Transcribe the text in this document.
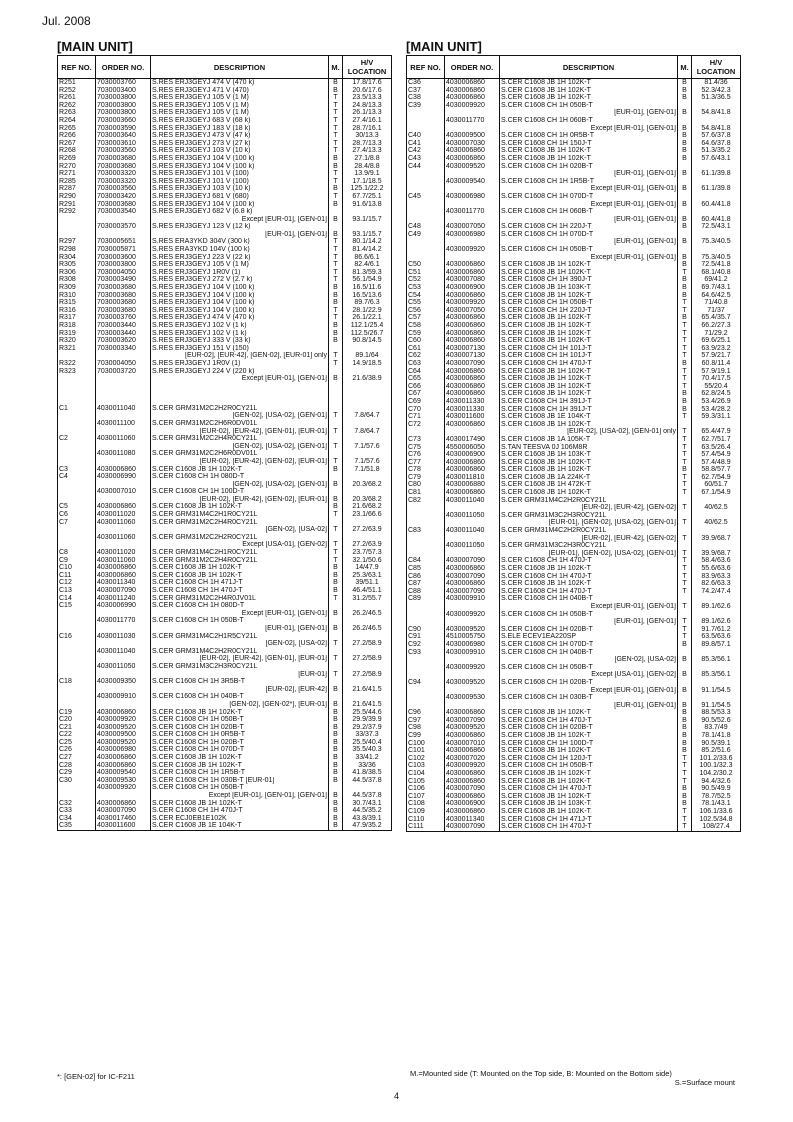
Jul. 2008
[MAIN UNIT]
REF NO.	ORDER NO.	DESCRIPTION	M.	H/V LOCATION
R251	7030003760	S.RES ERJ3GEYJ 474 V (470 k)	B	17.8/17.6
R252	7030003400	S.RES ERJ3GEYJ 471 V (470)	B	20.6/17.6
R261	7030003800	S.RES ERJ3GEYJ 105 V (1 M)	T	23.5/13.3
R262	7030003800	S.RES ERJ3GEYJ 105 V (1 M)	T	24.8/13.3
R263	7030003800	S.RES ERJ3GEYJ 105 V (1 M)	T	26.1/13.3
R264	7030003660	S.RES ERJ3GEYJ 683 V (68 k)	T	27.4/16.1
R265	7030003590	S.RES ERJ3GEYJ 183 V (18 k)	T	28.7/16.1
R266	7030003640	S.RES ERJ3GEYJ 473 V (47 k)	T	30/13.3
R267	7030003610	S.RES ERJ3GEYJ 273 V (27 k)	T	28.7/13.3
R268	7030003560	S.RES ERJ3GEYJ 103 V (10 k)	T	27.4/13.3
R269	7030003680	S.RES ERJ3GEYJ 104 V (100 k)	B	27.1/8.8
R270	7030003680	S.RES ERJ3GEYJ 104 V (100 k)	B	28.4/8.8
R271	7030003320	S.RES ERJ3GEYJ 101 V (100)	T	13.9/9.1
R285	7030003320	S.RES ERJ3GEYJ 101 V (100)	T	17.1/18.5
R287	7030003560	S.RES ERJ3GEYJ 103 V (10 k)	B	125.1/22.2
R290	7030003420	S.RES ERJ3GEYJ 681 V (680)	T	67.7/25.1
R291	7030003680	S.RES ERJ3GEYJ 104 V (100 k)	B	91.6/13.8
R292	7030003540	S.RES ERJ3GEYJ 682 V (6.8 k)		
		Except [EUR-01], [GEN-01]	B	93.1/15.7
	7030003570	S.RES ERJ3GEYJ 123 V (12 k)		
		[EUR-01], [GEN-01]	B	93.1/15.7
R297	7030005651	S.RES ERA3YKD 304V (300 k)	T	80.1/14.2
R298	7030005871	S.RES ERA3YKD 104V (100 k)	T	81.4/14.2
R304	7030003600	S.RES ERJ3GEYJ 223 V (22 k)	T	86.6/6.1
R305	7030003800	S.RES ERJ3GEYJ 105 V (1 M)	T	82.4/6.1
R306	7030004050	S.RES ERJ3GEYJ 1R0V (1)	T	81.3/59.3
R308	7030003490	S.RES ERJ3GEYJ 272 V (2.7 k)	T	56.1/54.9
R309	7030003680	S.RES ERJ3GEYJ 104 V (100 k)	B	16.5/11.6
R310	7030003680	S.RES ERJ3GEYJ 104 V (100 k)	B	16.5/13.6
R315	7030003680	S.RES ERJ3GEYJ 104 V (100 k)	B	89.7/6.3
R316	7030003680	S.RES ERJ3GEYJ 104 V (100 k)	T	28.1/22.9
R317	7030003760	S.RES ERJ3GEYJ 474 V (470 k)	T	26.1/22.1
R318	7030003440	S.RES ERJ3GEYJ 102 V (1 k)	B	112.1/25.4
R319	7030003440	S.RES ERJ3GEYJ 102 V (1 k)	B	112.5/26.7
R320	7030003620	S.RES ERJ3GEYJ 333 V (33 k)	B	90.8/14.5
R321	7030003340	S.RES ERJ3GEYJ 151 V (150)		
		[EUR-02], [EUR-42], [GEN-02], [EUR-01] only	T	89.1/64
R322	7030004050	S.RES ERJ3GEYJ 1R0V (1)	T	14.9/18.5
R323	7030003720	S.RES ERJ3GEYJ 224 V (220 k)		
		Except [EUR-01], [GEN-01]	B	21.6/38.9

C1	4030011040	S.CER GRM31M2C2H2R0CY21L		
		[GEN-02], [USA-02], [GEN-01]	T	7.8/64.7
	4030011100	S.CER GRM31M2C2H6R0DV01L		
		[EUR-02], [EUR-42], [GEN-01], [EUR-01]	T	7.8/64.7
C2	4030011060	S.CER GRM31M2C2H4R0CY21L		
		[GEN-02], [USA-02], [GEN-01]	T	7.1/57.6
	4030011080	S.CER GRM31M2C2H6R0DV01L		
		[EUR-02], [EUR-42], [GEN-02], [EUR-01]	T	7.1/57.6
C3	4030006860	S.CER C1608 JB 1H 102K-T	B	7.1/51.8
C4	4030006990	S.CER C1608 CH 1H 080D-T		
		[GEN-02], [USA-02], [GEN-01]	B	20.3/68.2
	4030007010	S.CER C1608 CH 1H 100D-T		
		[EUR-02], [EUR-42], [GEN-02], [EUR-01]	B	20.3/68.2
C5	4030006860	S.CER C1608 JB 1H 102K-T	B	21.6/68.2
C6	4030011020	S.CER GRM31M4C2H1R0CY21L	T	23.1/66.6
C7	4030011060	S.CER GRM31M2C2H4R0CY21L		
		[GEN-02], [USA-02]	T	27.2/63.9
	4030011060	S.CER GRM31M2C2H2R0CY21L		
		Except [USA-01], [GEN-02]	T	27.2/63.9
C8	4030011020	S.CER GRM31M4C2H1R0CY21L	T	23.7/57.3
C9	4030011060	S.CER GRM31M2C2H4R0CY21L	T	32.1/50.6
C10	4030006860	S.CER C1608 JB 1H 102K-T	B	14/47.9
C11	4030006860	S.CER C1608 JB 1H 102K-T	B	25.3/63.1
C12	4030011340	S.CER C1608 CH 1H 471J-T	B	39/51.1
C13	4030007090	S.CER C1608 CH 1H 470J-T	B	46.4/51.1
C14	4030011240	S.CER GRM31M2C2H4R0JV01L	T	31.2/55.7
C15	4030006990	S.CER C1608 CH 1H 080D-T		
		Except [EUR-01], [GEN-01]	B	26.2/46.5
	4030011770	S.CER C1608 CH 1H 050B-T		
		[EUR-01], [GEN-01]	B	26.2/46.5
C16	4030011030	S.CER GRM31M4C2H1R5CY21L		
		[GEN-02], [USA-02]	T	27.2/58.9
	4030011040	S.CER GRM31M4C2H2R0CY21L		
		[EUR-02], [EUR-42], [GEN-01], [EUR-01]	T	27.2/58.9
	4030011050	S.CER GRM31M3C2H3R0CY21L		
		[EUR-01]	T	27.2/58.9
C18	4030009350	S.CER C1608 CH 1H 3R5B-T		
		[EUR-02], [EUR-42]	B	21.6/41.5
	4030009910	S.CER C1608 CH 1H 040B-T		
		[GEN-02], [GEN-02*], [EUR-01]	B	21.6/41.5
C19	4030006860	S.CER C1608 JB 1H 102K-T	B	25.5/44.6
C20	4030009920	S.CER C1608 CH 1H 050B-T	B	29.9/39.9
C21	4030009520	S.CER C1608 CH 1H 020B-T	B	29.2/37.9
C22	4030009500	S.CER C1608 CH 1H 0R5B-T	B	33/37.3
C25	4030009520	S.CER C1608 CH 1H 020B-T	B	25.5/40.4
C26	4030006980	S.CER C1608 CH 1H 070D-T	B	35.5/40.3
C27	4030006860	S.CER C1608 JB 1H 102K-T	B	33/41.2
C28	4030006860	S.CER C1608 JB 1H 102K-T	B	33/36
C29	4030009540	S.CER C1608 CH 1H 1R5B-T	B	41.8/38.5
C30	4030009530	S.CER C1608 CH 1H 030B-T [EUR-01]	B	44.5/37.8
	4030009920	S.CER C1608 CH 1H 050B-T		
		Except [EUR-01], [GEN-01], [GEN-01]	B	44.5/37.8
C32	4030006860	S.CER C1608 JB 1H 102K-T	B	30.7/43.1
C33	4030007090	S.CER C1608 CH 1H 470J-T	B	44.5/35.2
C34	4030017460	S.CER ECJ0EB1E102K	B	43.8/39.1
C35	4030011600	S.CER C1608 JB 1E 104K-T	B	47.9/35.2
[MAIN UNIT]
REF NO.	ORDER NO.	DESCRIPTION	M.	H/V LOCATION
C36	4030006860	S.CER C1608 JB 1H 102K-T	B	81.4/36
C37	4030006860	S.CER C1608 JB 1H 102K-T	B	52.3/42.3
C38	4030006860	S.CER C1608 JB 1H 102K-T	B	51.3/36.5
C39	4030009920	S.CER C1608 CH 1H 050B-T		
		[EUR-01], [GEN-01]	B	54.8/41.8
	4030011770	S.CER C1608 CH 1H 060B-T		
		Except [EUR-01], [GEN-01]	B	54.8/41.8
C40	4030009500	S.CER C1608 CH 1H 0R5B-T	B	57.6/37.8
C41	4030007030	S.CER C1608 CH 1H 150J-T	B	64.6/37.8
C42	4030006860	S.CER C1608 JB 1H 102K-T	B	51.3/35.2
C43	4030006860	S.CER C1608 JB 1H 102K-T	B	57.6/43.1
C44	4030009520	S.CER C1608 CH 1H 020B-T		
		[EUR-01], [GEN-01]	B	61.1/39.8
	4030009540	S.CER C1608 CH 1H 1R5B-T		
		Except [EUR-01], [GEN-01]	B	61.1/39.8
C45	4030006980	S.CER C1608 CH 1H 070D-T		
		Except [EUR-01], [GEN-01]	B	60.4/41.8
	4030011770	S.CER C1608 CH 1H 060B-T		
		[EUR-01], [GEN-01]	B	60.4/41.8
C48	4030007050	S.CER C1608 CH 1H 220J-T	B	72.5/43.1
C49	4030006980	S.CER C1608 CH 1H 070D-T		
		[EUR-01], [GEN-01]	B	75.3/40.5
	4030009920	S.CER C1608 CH 1H 050B-T		
		Except [EUR-01], [GEN-01]	B	75.3/40.5
C50	4030006860	S.CER C1608 JB 1H 102K-T	B	72.5/41.8
C51	4030006860	S.CER C1608 JB 1H 102K-T	T	68.1/40.8
C52	4030007080	S.CER C1608 CH 1H 390J-T	B	69/41.2
C53	4030006900	S.CER C1608 JB 1H 103K-T	B	69.7/43.1
C54	4030006860	S.CER C1608 JB 1H 102K-T	B	64.6/42.5
C55	4030009920	S.CER C1608 CH 1H 050B-T	T	71/40.8
C56	4030007050	S.CER C1608 CH 1H 220J-T	T	71/37
C57	4030006860	S.CER C1608 JB 1H 102K-T	B	65.4/35.7
C58	4030006860	S.CER C1608 JB 1H 102K-T	T	66.2/27.3
C59	4030006860	S.CER C1608 JB 1H 102K-T	T	71/29.2
C60	4030006860	S.CER C1608 JB 1H 102K-T	T	69.6/25.1
C61	4030007130	S.CER C1608 CH 1H 101J-T	T	63.9/23.2
C62	4030007130	S.CER C1608 CH 1H 101J-T	T	57.9/21.7
C63	4030007090	S.CER C1608 CH 1H 470J-T	B	60.8/11.4
C64	4030006860	S.CER C1608 JB 1H 102K-T	T	57.9/19.1
C65	4030006860	S.CER C1608 JB 1H 102K-T	T	70.4/17.5
C66	4030006860	S.CER C1608 JB 1H 102K-T	T	55/20.4
C67	4030006860	S.CER C1608 JB 1H 102K-T	B	62.8/24.5
C69	4030011330	S.CER C1608 CH 1H 391J-T	B	53.4/26.9
C70	4030011330	S.CER C1608 CH 1H 391J-T	B	53.4/28.2
C71	4030011600	S.CER C1608 JB 1E 104K-T	T	59.3/31.1
C72	4030006860	S.CER C1608 JB 1H 102K-T		
		[EUR-02], [USA-02], [GEN-01] only	T	65.4/47.9
C73	4030017490	S.CER C1608 JB 1A 105K-T	T	62.7/51.7
C75	4550006050	S.TAN TEESVA 0J 106M8R	T	63.5/26.4
C76	4030006900	S.CER C1608 JB 1H 103K-T	T	57.4/54.9
C77	4030006860	S.CER C1608 JB 1H 102K-T	T	57.4/48.9
C78	4030006860	S.CER C1608 JB 1H 102K-T	B	58.8/57.7
C79	4030011810	S.CER C1608 JB 1A 224K-T	T	62.7/54.9
C80	4030006880	S.CER C1608 JB 1H 472K-T	T	60/51.7
C81	4030006860	S.CER C1608 JB 1H 102K-T	T	67.1/54.9
C82	4030011040	S.CER GRM31M4C2H2R0CY21L		
		[EUR-02], [EUR-42], [GEN-02]	T	40/62.5
	4030011050	S.CER GRM31M3C2H3R0CY21L		
		[EUR-01], [GEN-02], [USA-02], [GEN-01]	T	40/62.5
C83	4030011040	S.CER GRM31M4C2H2R0CY21L		
		[EUR-02], [EUR-42], [GEN-02]	T	39.9/68.7
	4030011050	S.CER GRM31M3C2H3R0CY21L		
		[EUR-01], [GEN-02], [USA-02], [GEN-01]	T	39.9/68.7
C84	4030007090	S.CER C1608 CH 1H 470J-T	T	58.4/63.6
C85	4030006860	S.CER C1608 JB 1H 102K-T	T	55.6/63.6
C86	4030007090	S.CER C1608 CH 1H 470J-T	T	83.9/63.3
C87	4030006860	S.CER C1608 JB 1H 102K-T	T	82.6/63.3
C88	4030007090	S.CER C1608 CH 1H 470J-T	T	74.2/47.4
C89	4030009910	S.CER C1608 CH 1H 040B-T		
		Except [EUR-01], [GEN-01]	T	89.1/62.6
	4030009920	S.CER C1608 CH 1H 050B-T		
		[EUR-01], [GEN-01]	T	89.1/62.6
C90	4030009520	S.CER C1608 CH 1H 020B-T	T	91.7/61.2
C91	4510005750	S.ELE ECEV1EA220SP	T	63.5/63.6
C92	4030006980	S.CER C1608 CH 1H 070D-T	B	89.8/57.1
C93	4030009910	S.CER C1608 CH 1H 040B-T		
		[GEN-02], [USA-02]	B	85.3/56.1
	4030009920	S.CER C1608 CH 1H 050B-T		
		Except [USA-01], [GEN-02]	B	85.3/56.1
C94	4030009520	S.CER C1608 CH 1H 020B-T		
		Except [EUR-01], [GEN-01]	B	91.1/54.5
	4030009530	S.CER C1608 CH 1H 030B-T		
		[EUR-01], [GEN-01]	B	91.1/54.5
C96	4030006860	S.CER C1608 JB 1H 102K-T	B	88.5/53.3
C97	4030007090	S.CER C1608 CH 1H 470J-T	B	90.5/52.6
C98	4030009520	S.CER C1608 CH 1H 020B-T	B	83.7/49
C99	4030006860	S.CER C1608 JB 1H 102K-T	B	78.1/41.8
C100	4030007010	S.CER C1608 CH 1H 100D-T	B	90.5/39.1
C101	4030006860	S.CER C1608 JB 1H 102K-T	B	85.2/51.6
C102	4030007020	S.CER C1608 CH 1H 120J-T	T	101.2/33.6
C103	4030009920	S.CER C1608 CH 1H 050B-T	T	100.1/32.3
C104	4030006860	S.CER C1608 JB 1H 102K-T	T	104.2/30.2
C105	4030006860	S.CER C1608 JB 1H 102K-T	T	94.4/32.6
C106	4030007090	S.CER C1608 CH 1H 470J-T	B	90.5/49.9
C107	4030006860	S.CER C1608 JB 1H 102K-T	B	78.7/52.5
C108	4030006900	S.CER C1608 JB 1H 103K-T	B	78.1/43.1
C109	4030006860	S.CER C1608 JB 1H 102K-T	T	106.1/33.6
C110	4030011340	S.CER C1608 CH 1H 471J-T	T	102.5/34.8
C111	4030007090	S.CER C1608 CH 1H 470J-T	T	108/27.4
*: [GEN-02] for IC-F211	M.=Mounted side (T: Mounted on the Top side, B: Mounted on the Bottom side)
S.=Surface mount
4
